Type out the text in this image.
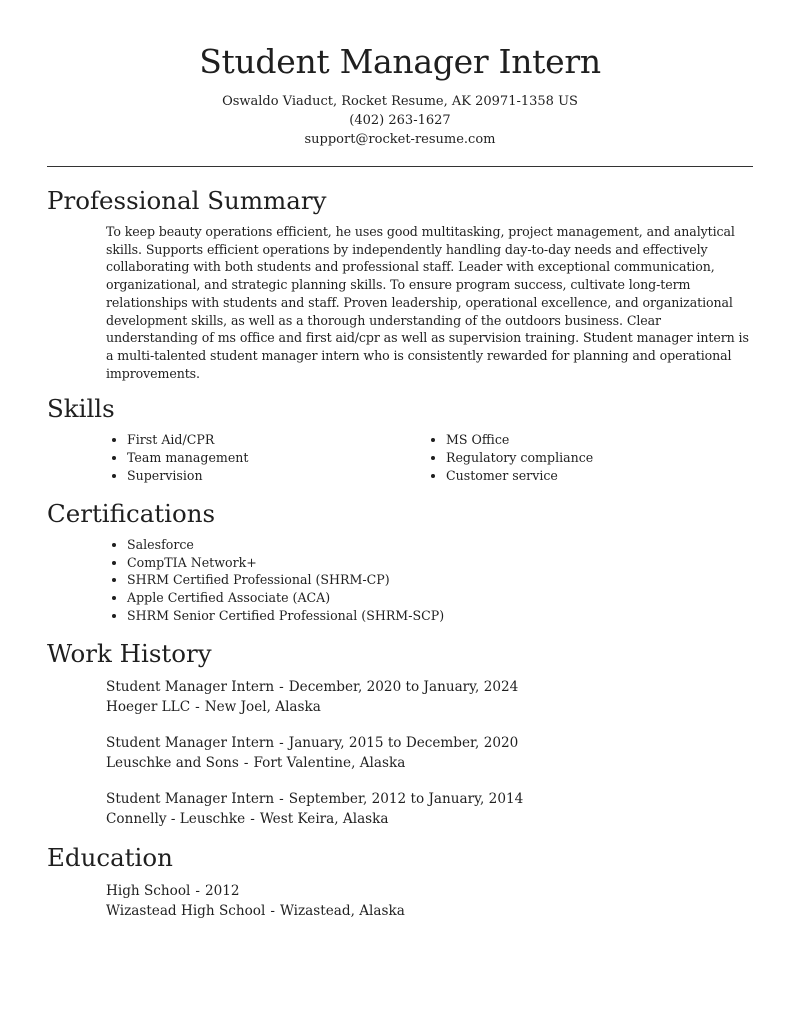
Student Manager Intern
Oswaldo Viaduct, Rocket Resume, AK 20971-1358 US
(402) 263-1627
support@rocket-resume.com
Professional Summary

To keep beauty operations efficient, he uses good multitasking, project management, and analytical skills. Supports efficient operations by independently handling day-to-day needs and effectively collaborating with both students and professional staff. Leader with exceptional communication, organizational, and strategic planning skills. To ensure program success, cultivate long-term relationships with students and staff. Proven leadership, operational excellence, and organizational development skills, as well as a thorough understanding of the outdoors business. Clear understanding of ms office and first aid/cpr as well as supervision training. Student manager intern is a multi-talented student manager intern who is consistently rewarded for planning and operational improvements.

Skills
• First Aid/CPR
• Team management
• Supervision
• MS Office
• Regulatory compliance
• Customer service
Certifications
• Salesforce
• CompTIA Network+
• SHRM Certified Professional (SHRM-CP)
• Apple Certified Associate (ACA)
• SHRM Senior Certified Professional (SHRM-SCP)
Work History
Student Manager Intern - December, 2020 to January, 2024
Hoeger LLC - New Joel, Alaska
Student Manager Intern - January, 2015 to December, 2020
Leuschke and Sons - Fort Valentine, Alaska
Student Manager Intern - September, 2012 to January, 2014
Connelly - Leuschke - West Keira, Alaska
Education
High School - 2012
Wizastead High School - Wizastead, Alaska
